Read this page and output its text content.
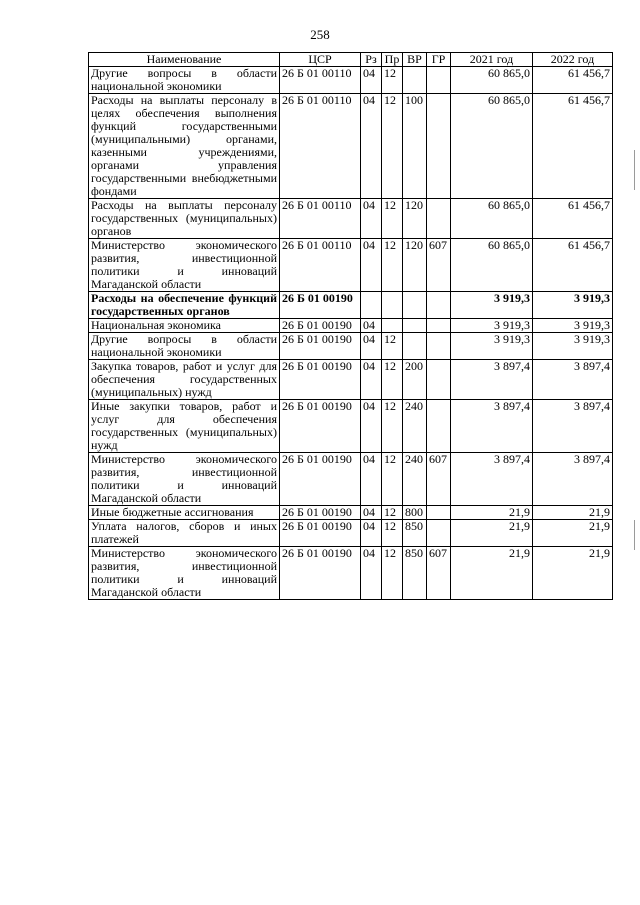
258
Наименование	ЦСР	Рз	Пр	ВР	ГР	2021 год	2022 год
Другие вопросы в области национальной экономики	26 Б 01 00110	04	12			60 865,0	61 456,7
Расходы на выплаты персоналу в целях обеспечения выполнения функций государственными (муниципальными) органами, казенными учреждениями, органами управления государственными внебюджетными фондами	26 Б 01 00110	04	12	100		60 865,0	61 456,7
Расходы на выплаты персоналу государственных (муниципальных) органов	26 Б 01 00110	04	12	120		60 865,0	61 456,7
Министерство экономического развития, инвестиционной политики и инноваций Магаданской области	26 Б 01 00110	04	12	120	607	60 865,0	61 456,7
Расходы на обеспечение функций государственных органов	26 Б 01 00190					3 919,3	3 919,3
Национальная экономика	26 Б 01 00190	04				3 919,3	3 919,3
Другие вопросы в области национальной экономики	26 Б 01 00190	04	12			3 919,3	3 919,3
Закупка товаров, работ и услуг для обеспечения государственных (муниципальных) нужд	26 Б 01 00190	04	12	200		3 897,4	3 897,4
Иные закупки товаров, работ и услуг для обеспечения государственных (муниципальных) нужд	26 Б 01 00190	04	12	240		3 897,4	3 897,4
Министерство экономического развития, инвестиционной политики и инноваций Магаданской области	26 Б 01 00190	04	12	240	607	3 897,4	3 897,4
Иные бюджетные ассигнования	26 Б 01 00190	04	12	800		21,9	21,9
Уплата налогов, сборов и иных платежей	26 Б 01 00190	04	12	850		21,9	21,9
Министерство экономического развития, инвестиционной политики и инноваций Магаданской области	26 Б 01 00190	04	12	850	607	21,9	21,9
